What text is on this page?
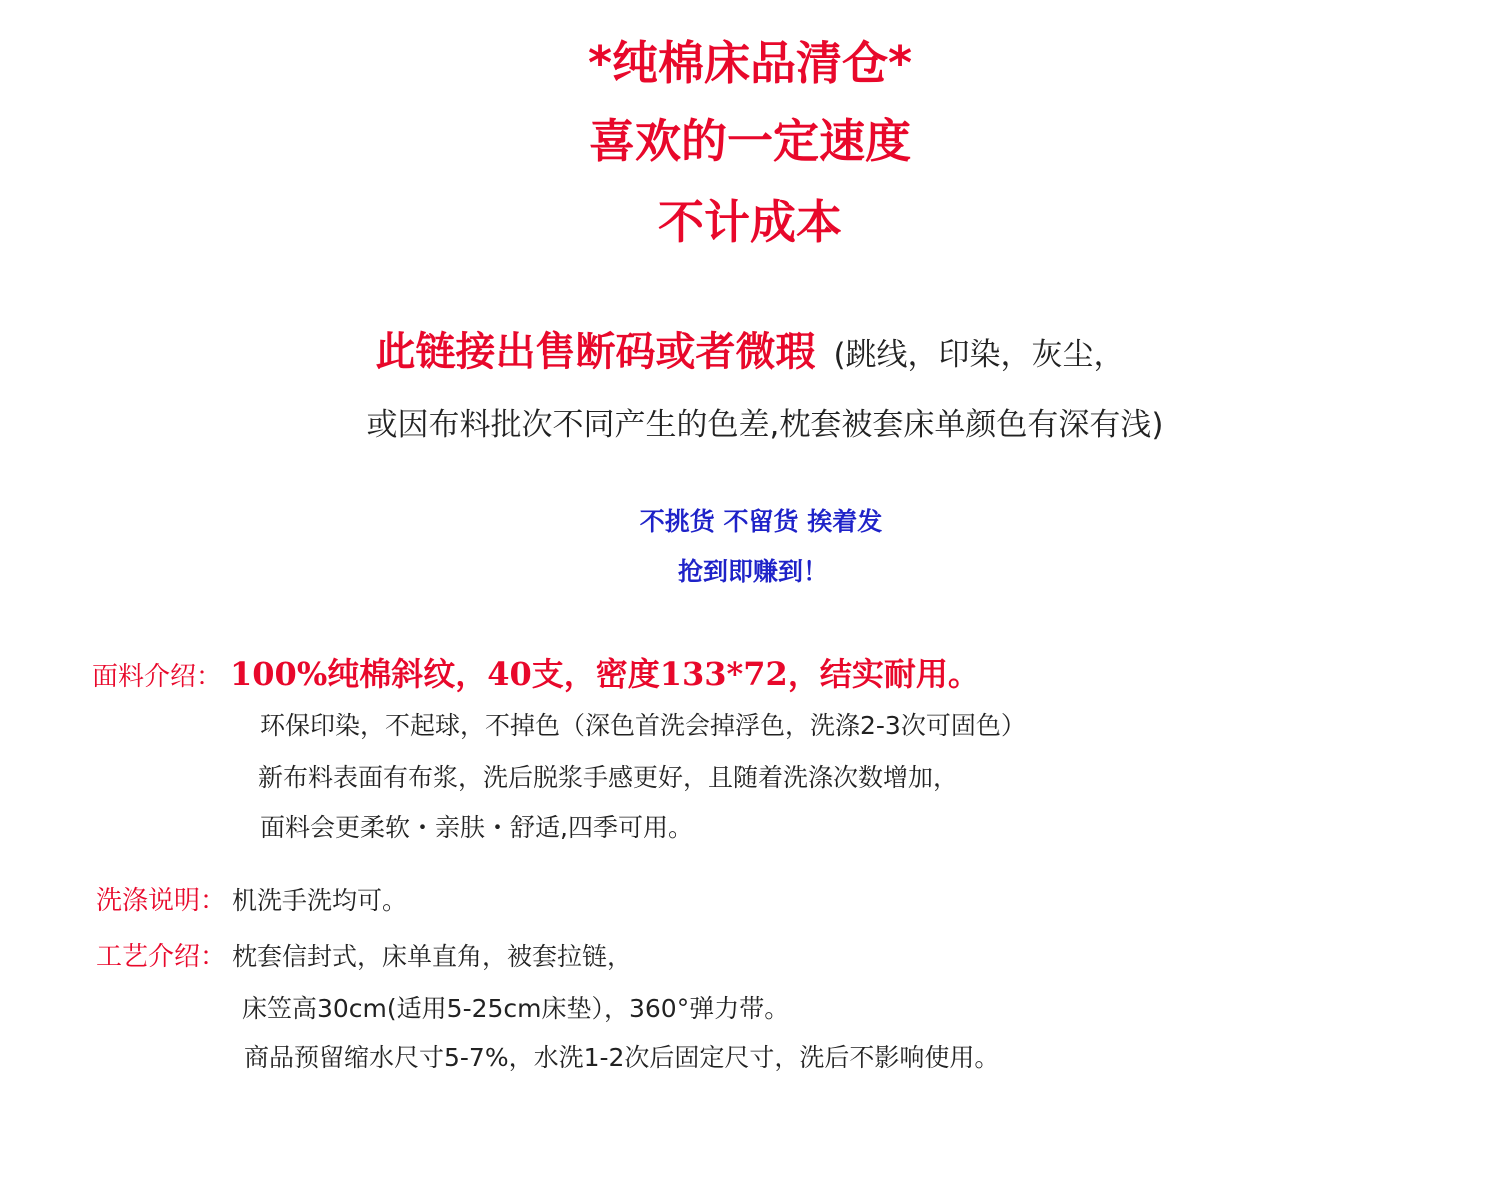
*纯棉床品清仓*
喜欢的一定速度
不计成本
此链接出售断码或者微瑕 (跳线，印染，灰尘，
或因布料批次不同产生的色差,枕套被套床单颜色有深有浅)
不挑货 不留货 挨着发
抢到即赚到！
面料介绍： 100%纯棉斜纹，40支，密度133*72，结实耐用。
环保印染，不起球，不掉色（深色首洗会掉浮色，洗涤2-3次可固色）
新布料表面有布浆，洗后脱浆手感更好，且随着洗涤次数增加，
面料会更柔软・亲肤・舒适,四季可用。
洗涤说明： 机洗手洗均可。
工艺介绍： 枕套信封式，床单直角，被套拉链，
床笠高30cm(适用5-25cm床垫），360°弹力带。
商品预留缩水尺寸5-7%，水洗1-2次后固定尺寸，洗后不影响使用。
